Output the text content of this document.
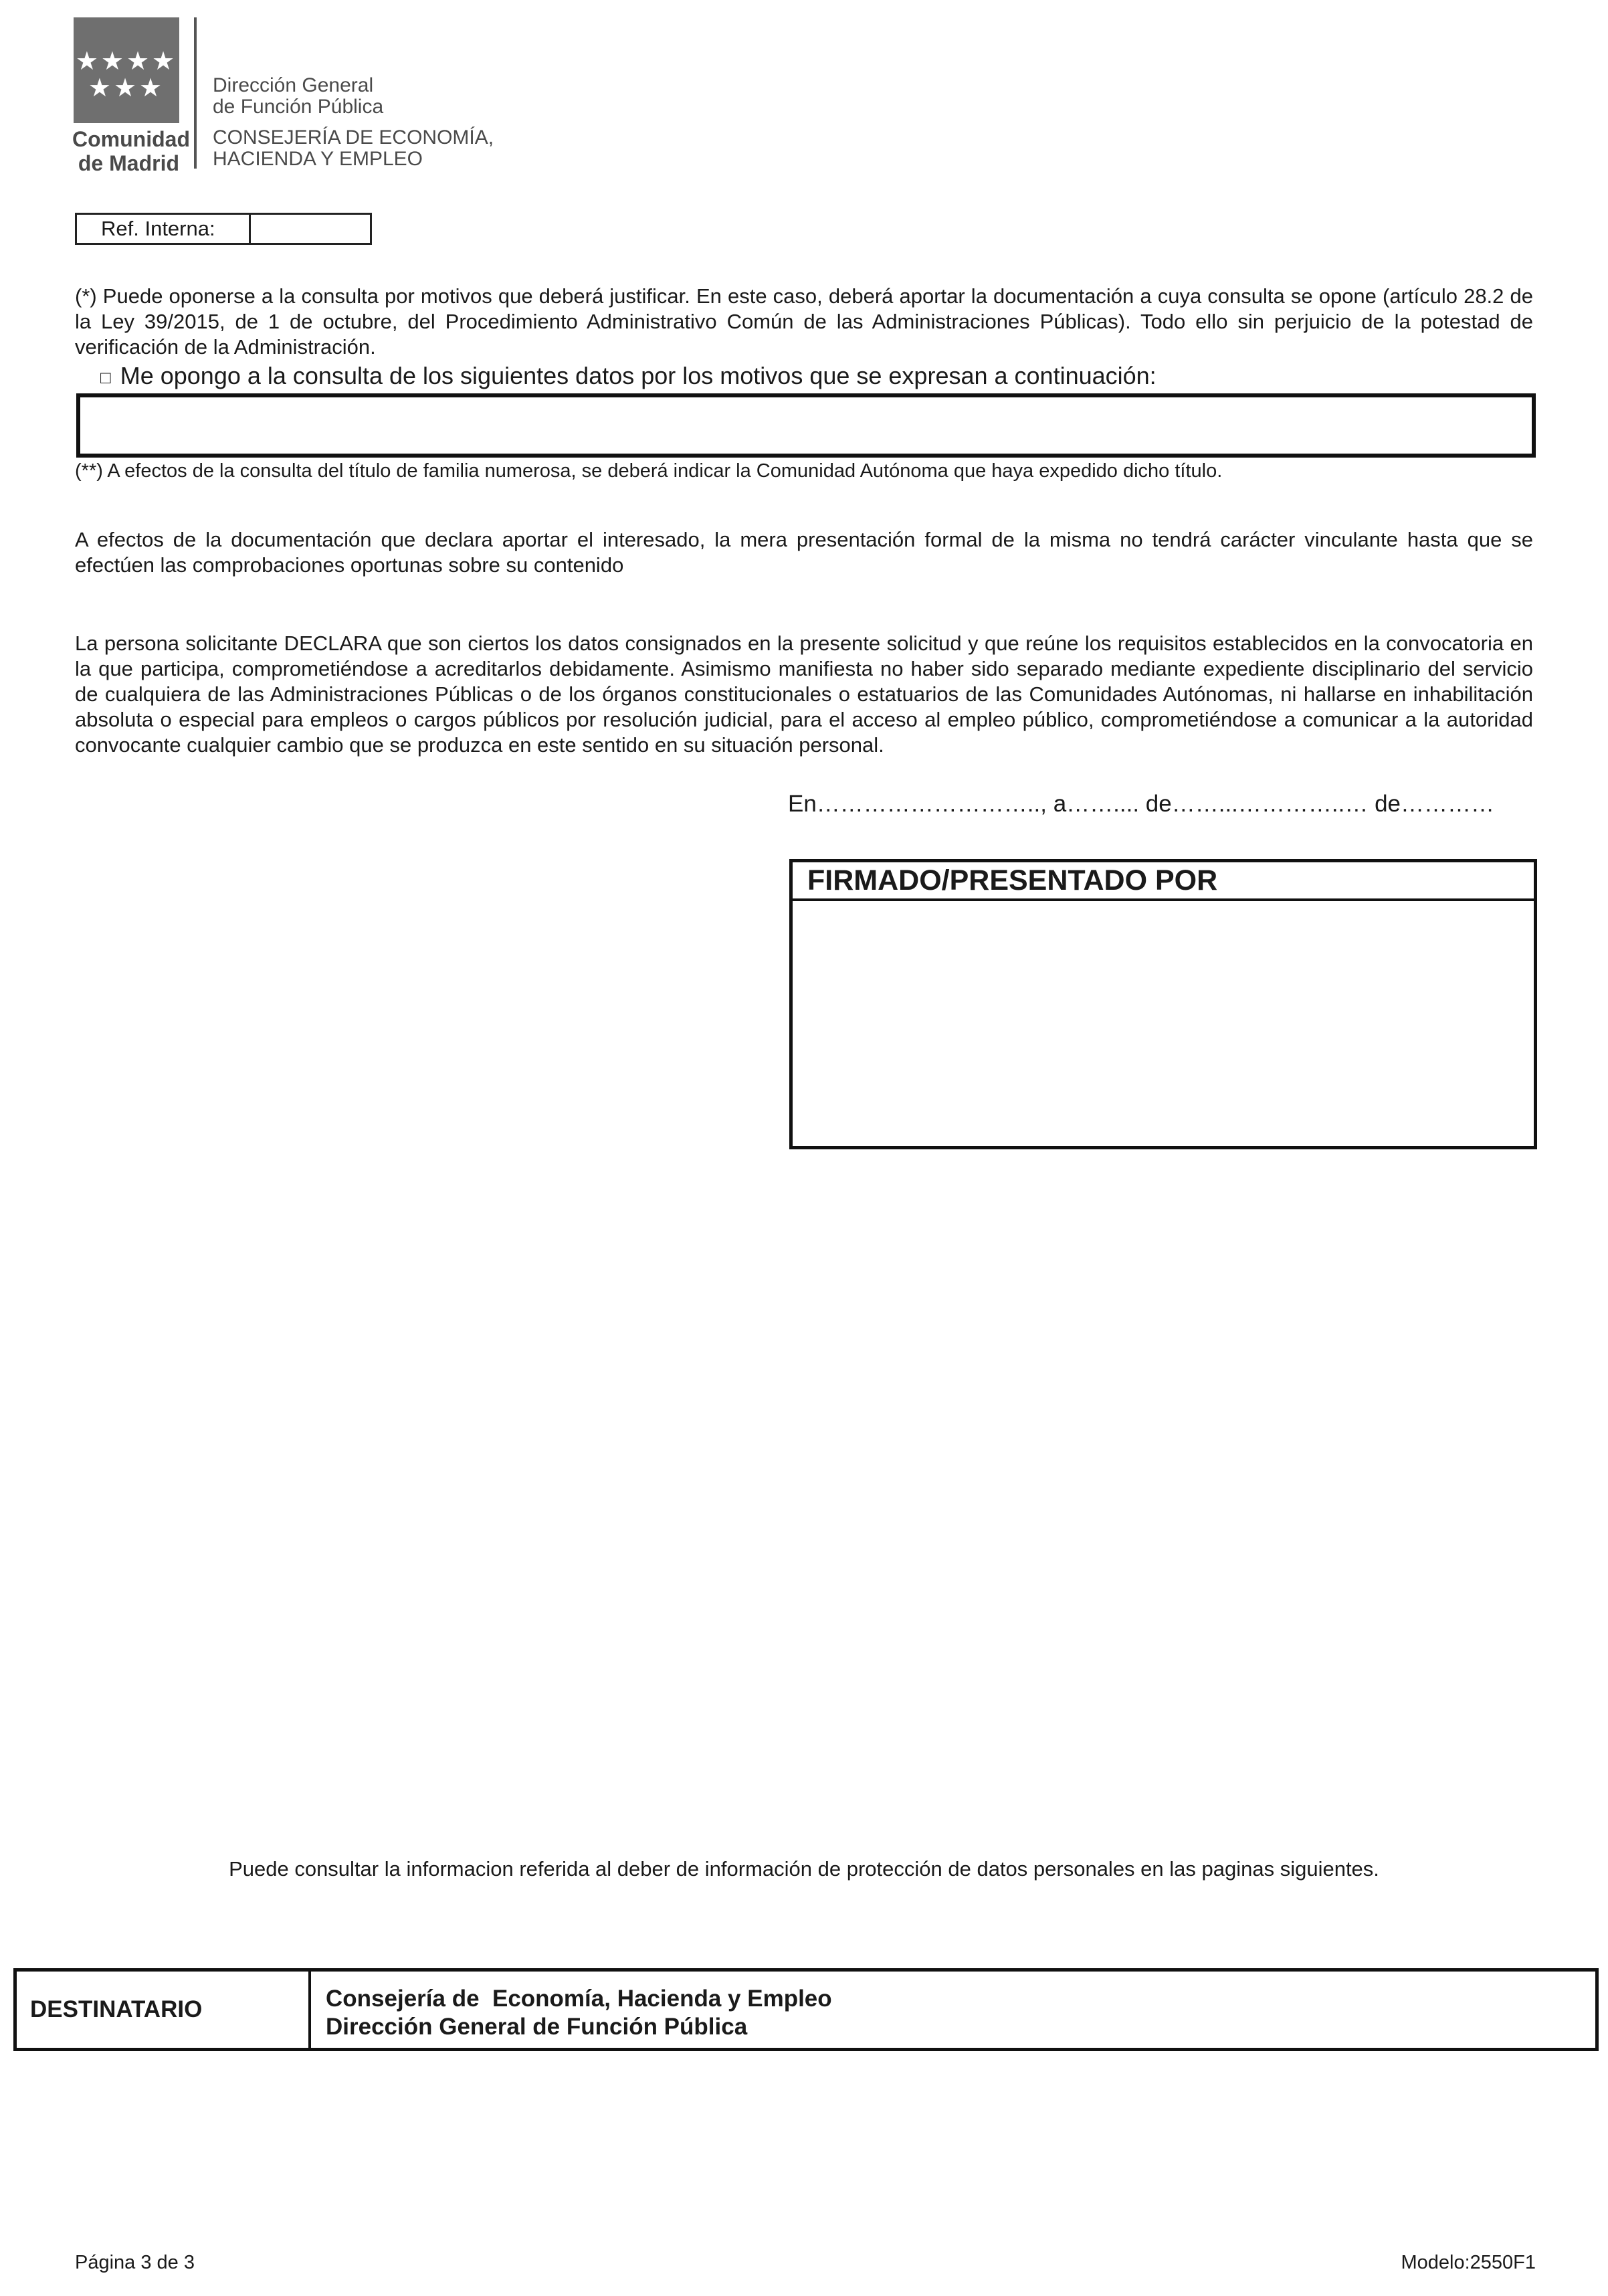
★★★★
★★★
Comunidad
de Madrid
Dirección General
de Función Pública
CONSEJERÍA DE ECONOMÍA,
HACIENDA Y EMPLEO
Ref. Interna:
(*) Puede oponerse a la consulta por motivos que deberá justificar. En este caso, deberá aportar la documentación a cuya consulta se opone (artículo 28.2 de la Ley 39/2015, de 1 de octubre, del Procedimiento Administrativo Común de las Administraciones Públicas). Todo ello sin perjuicio de la potestad de verificación de la Administración.
□ Me opongo a la consulta de los siguientes datos por los motivos que se expresan a continuación:
(**) A efectos de la consulta del título de familia numerosa, se deberá indicar la Comunidad Autónoma que haya expedido dicho título.
A efectos de la documentación que declara aportar el interesado, la mera presentación formal de la misma no tendrá carácter vinculante hasta que se efectúen las comprobaciones oportunas sobre su contenido
La persona solicitante DECLARA que son ciertos los datos consignados en la presente solicitud y que reúne los requisitos establecidos en la convocatoria en la que participa, comprometiéndose a acreditarlos debidamente. Asimismo manifiesta no haber sido separado mediante expediente disciplinario del servicio de cualquiera de las Administraciones Públicas o de los órganos constitucionales o estatuarios de las Comunidades Autónomas, ni hallarse en inhabilitación absoluta o especial para empleos o cargos públicos por resolución judicial, para el acceso al empleo público, comprometiéndose a comunicar a la autoridad convocante cualquier cambio que se produzca en este sentido en su situación personal.
En……………………….., a…….... de……...…………..… de…………
FIRMADO/PRESENTADO POR
Puede consultar la informacion referida al deber de información de protección de datos personales en las paginas siguientes.
DESTINATARIO	Consejería de  Economía, Hacienda y Empleo
Dirección General de Función Pública
Página 3 de 3	Modelo:2550F1
